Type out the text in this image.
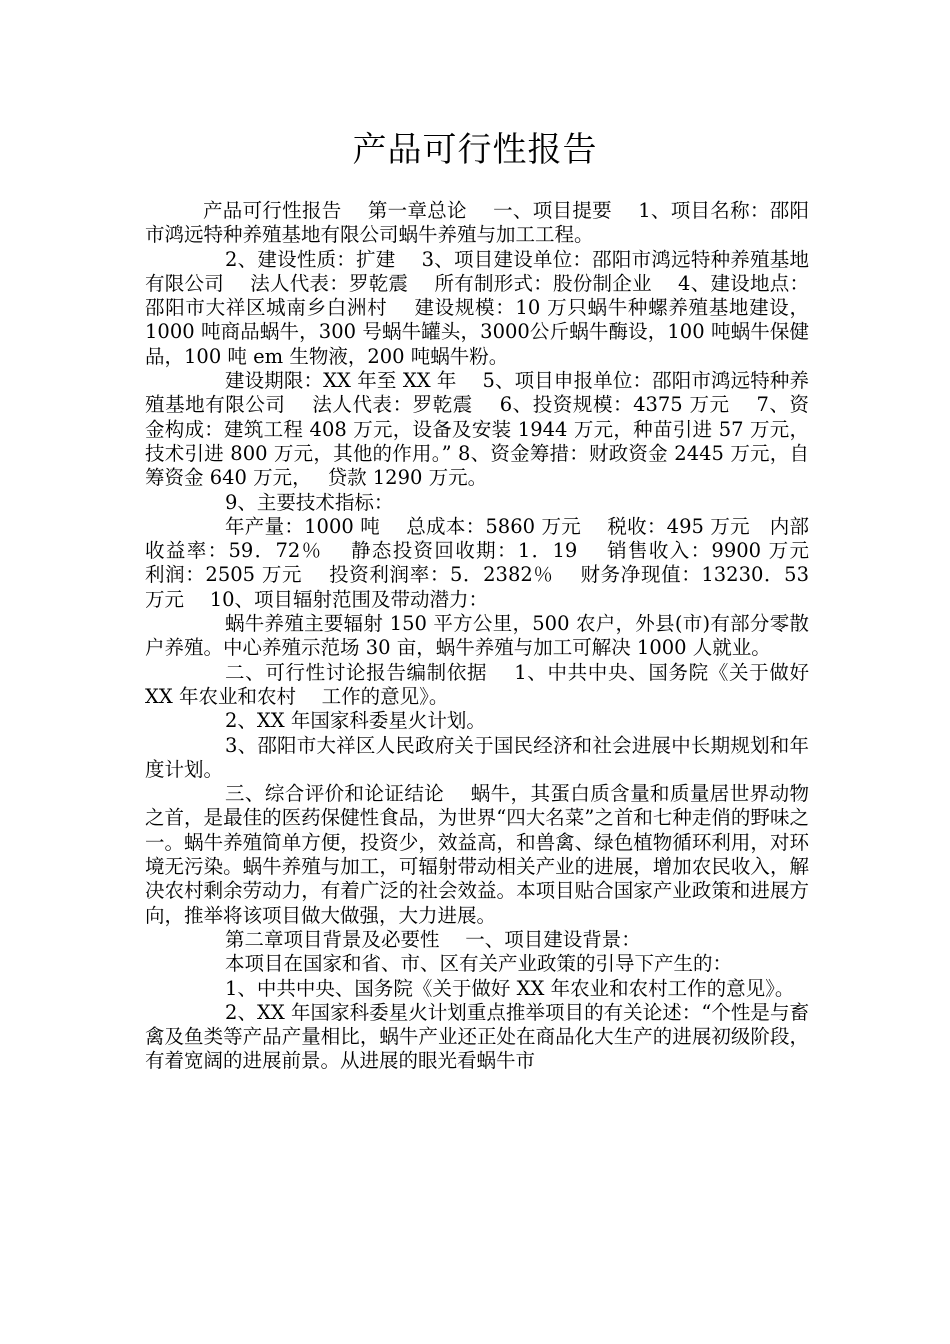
产品可行性报告

产品可行性报告　 第一章总论　 一、项目提要　 1、项目名称：邵阳市鸿远特种养殖基地有限公司蜗牛养殖与加工工程。

2、建设性质：扩建　 3、项目建设单位：邵阳市鸿远特种养殖基地有限公司　 法人代表：罗乾震　 所有制形式：股份制企业　 4、建设地点：邵阳市大祥区城南乡白洲村　 建设规模：10 万只蜗牛种螺养殖基地建设，1000 吨商品蜗牛，300 号蜗牛罐头，3000公斤蜗牛酶设，100 吨蜗牛保健品，100 吨 em 生物液，200 吨蜗牛粉。

建设期限：XX 年至 XX 年　 5、项目申报单位：邵阳市鸿远特种养殖基地有限公司　 法人代表：罗乾震　 6、投资规模：4375 万元　 7、资金构成：建筑工程 408 万元，设备及安装 1944 万元，种苗引进 57 万元，技术引进 800 万元，其他的作用。” 8、资金筹措：财政资金 2445 万元，自筹资金 640 万元，　 贷款 1290 万元。

9、主要技术指标：

年产量：1000 吨　 总成本：5860 万元　 税收：495 万元　内部收益率：59．72％　 静态投资回收期：1．19　 销售收入：9900 万元　 利润：2505 万元　 投资利润率：5．2382％　 财务净现值：13230．53 万元　 10、项目辐射范围及带动潜力：

蜗牛养殖主要辐射 150 平方公里，500 农户，外县(市)有部分零散户养殖。中心养殖示范场 30 亩，蜗牛养殖与加工可解决 1000 人就业。

二、可行性讨论报告编制依据　 1、中共中央、国务院《关于做好 XX 年农业和农村　 工作的意见》。

2、XX 年国家科委星火计划。

3、邵阳市大祥区人民政府关于国民经济和社会进展中长期规划和年度计划。

三、综合评价和论证结论　 蜗牛，其蛋白质含量和质量居世界动物之首，是最佳的医药保健性食品，为世界“四大名菜”之首和七种走俏的野味之一。蜗牛养殖简单方便，投资少，效益高，和兽禽、绿色植物循环利用，对环境无污染。蜗牛养殖与加工，可辐射带动相关产业的进展，增加农民收入，解决农村剩余劳动力，有着广泛的社会效益。本项目贴合国家产业政策和进展方向，推举将该项目做大做强，大力进展。

第二章项目背景及必要性　 一、项目建设背景：

本项目在国家和省、市、区有关产业政策的引导下产生的：

1、中共中央、国务院《关于做好 XX 年农业和农村工作的意见》。

2、XX 年国家科委星火计划重点推举项目的有关论述：“个性是与畜禽及鱼类等产品产量相比，蜗牛产业还正处在商品化大生产的进展初级阶段，有着宽阔的进展前景。从进展的眼光看蜗牛市
